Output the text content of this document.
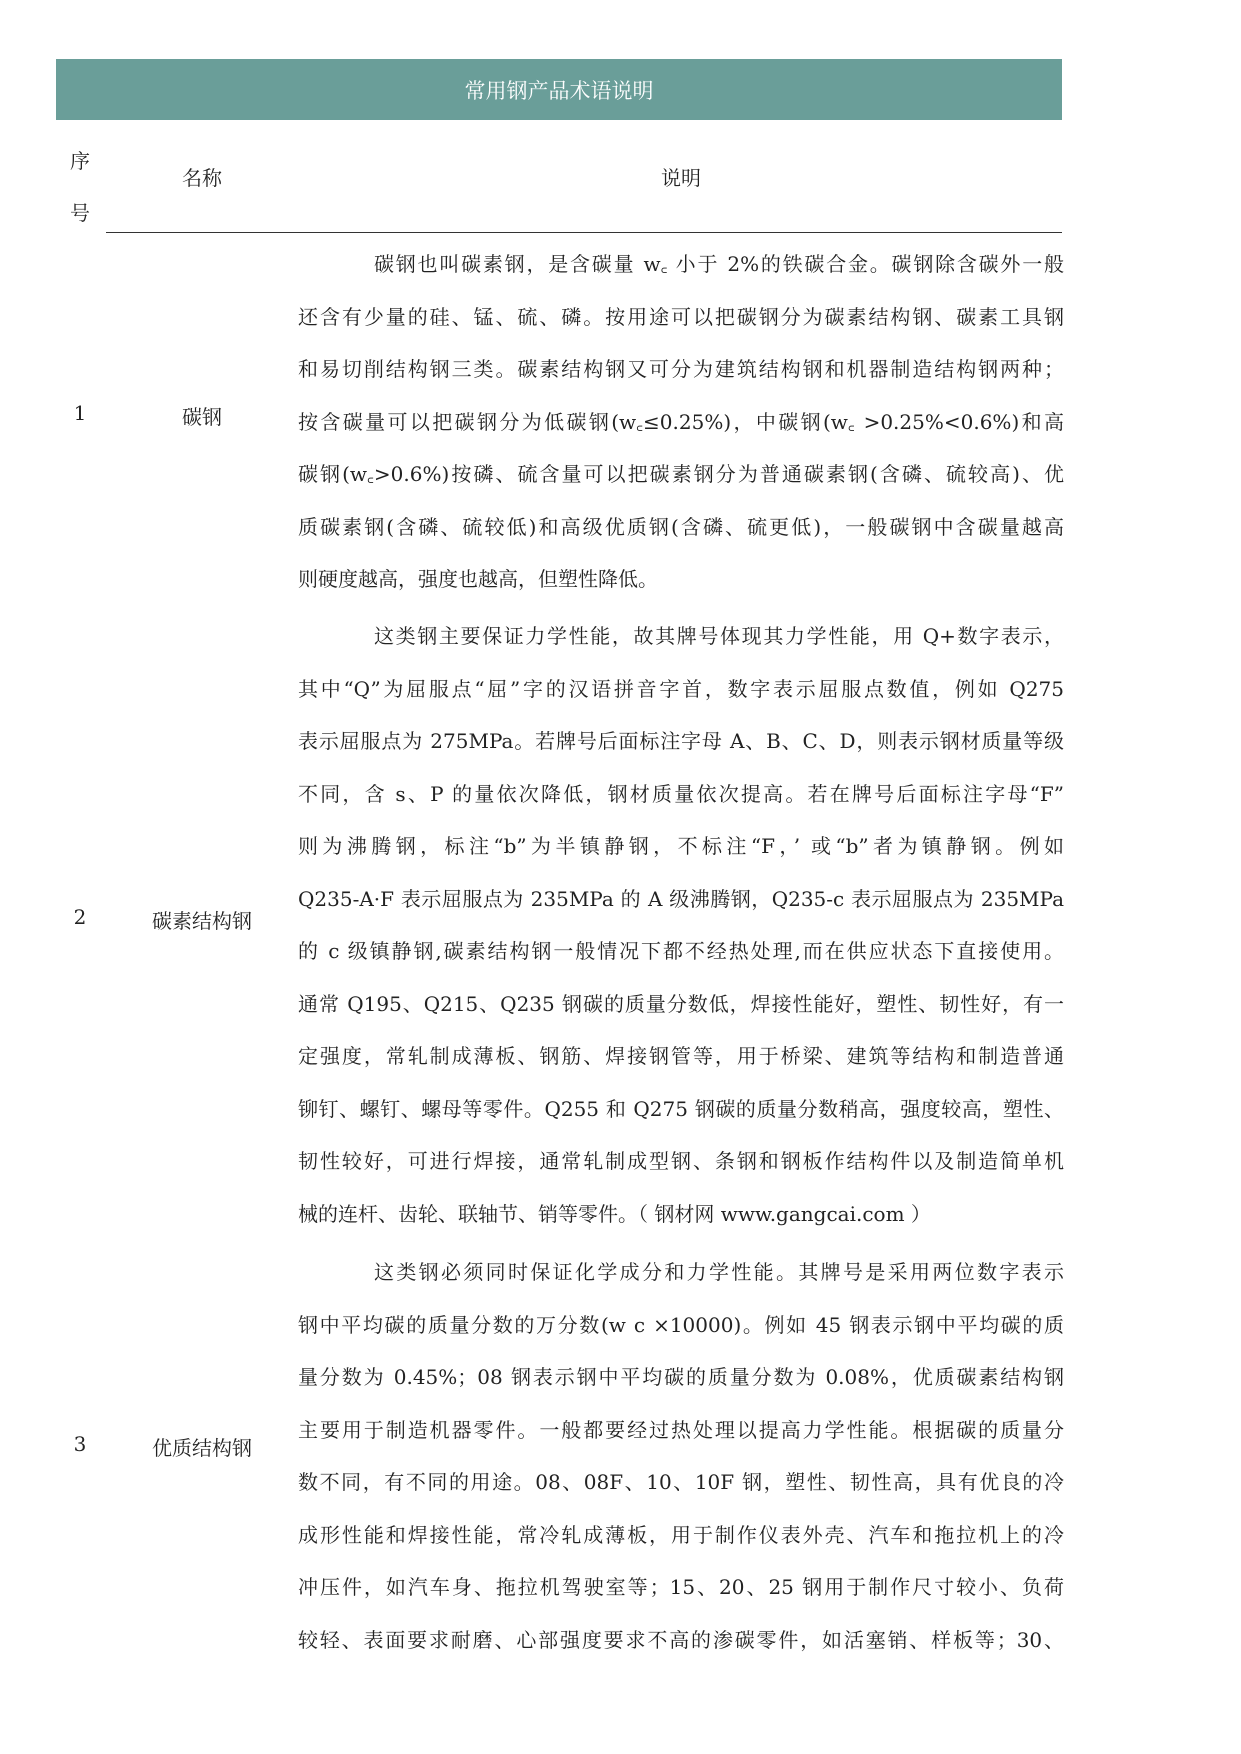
常用钢产品术语说明
序
号
名称	说明
1	碳钢
碳钢也叫碳素钢，是含碳量 w꜀ 小于 2%的铁碳合金。碳钢除含碳外一般
还含有少量的硅、锰、硫、磷。按用途可以把碳钢分为碳素结构钢、碳素工具钢
和易切削结构钢三类。碳素结构钢又可分为建筑结构钢和机器制造结构钢两种；
按含碳量可以把碳钢分为低碳钢(w꜀≤0.25%)，中碳钢(w꜀ >0.25%<0.6%)和高
碳钢(w꜀>0.6%)按磷、硫含量可以把碳素钢分为普通碳素钢(含磷、硫较高)、优
质碳素钢(含磷、硫较低)和高级优质钢(含磷、硫更低)，一般碳钢中含碳量越高
则硬度越高，强度也越高，但塑性降低。
2	碳素结构钢
这类钢主要保证力学性能，故其牌号体现其力学性能，用 Q+数字表示，
其中“Q”为屈服点“屈”字的汉语拼音字首，数字表示屈服点数值，例如 Q275
表示屈服点为 275MPa。若牌号后面标注字母 A、B、C、D，则表示钢材质量等级
不同，含 s、P 的量依次降低，钢材质量依次提高。若在牌号后面标注字母“F”
则为沸腾钢，标注“b”为半镇静钢，不标注“F，’ 或“b”者为镇静钢。例如
Q235-A·F 表示屈服点为 235MPa 的 A 级沸腾钢，Q235-c 表示屈服点为 235MPa
的 c 级镇静钢,碳素结构钢一般情况下都不经热处理,而在供应状态下直接使用。
通常 Q195、Q215、Q235 钢碳的质量分数低，焊接性能好，塑性、韧性好，有一
定强度，常轧制成薄板、钢筋、焊接钢管等，用于桥梁、建筑等结构和制造普通
铆钉、螺钉、螺母等零件。Q255 和 Q275 钢碳的质量分数稍高，强度较高，塑性、
韧性较好，可进行焊接，通常轧制成型钢、条钢和钢板作结构件以及制造简单机
械的连杆、齿轮、联轴节、销等零件。（ 钢材网 www.gangcai.com ）
3	优质结构钢
这类钢必须同时保证化学成分和力学性能。其牌号是采用两位数字表示
钢中平均碳的质量分数的万分数(w c ×10000)。例如 45 钢表示钢中平均碳的质
量分数为 0.45%；08 钢表示钢中平均碳的质量分数为 0.08%，优质碳素结构钢
主要用于制造机器零件。一般都要经过热处理以提高力学性能。根据碳的质量分
数不同，有不同的用途。08、08F、10、10F 钢，塑性、韧性高，具有优良的冷
成形性能和焊接性能，常冷轧成薄板，用于制作仪表外壳、汽车和拖拉机上的冷
冲压件，如汽车身、拖拉机驾驶室等；15、20、25 钢用于制作尺寸较小、负荷
较轻、表面要求耐磨、心部强度要求不高的渗碳零件，如活塞销、样板等；30、
